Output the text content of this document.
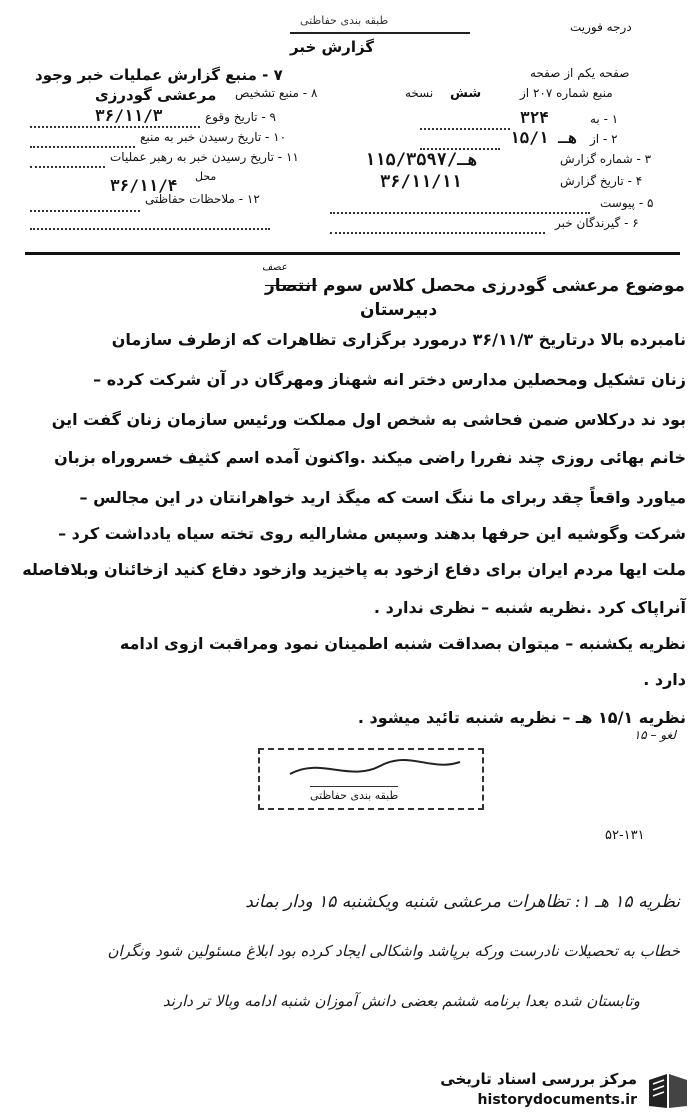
طبقه بندی حفاظتی
گزارش خبر
درجه فوریت
صفحه یکم از صفحه
۷ - منبع گزارش عملیات خبر وجود
۸ - منبع تشخیص
مرعشی گودرزی	منبع شماره ۲۰۷ از
شش
نسخه
۹ - تاریخ وقوع
۳۶/۱۱/۳
۱۰ - تاریخ رسیدن خبر به منبع
۱۱ - تاریخ رسیدن خبر به رهبر عملیات
محل
۳۶/۱۱/۴
۱۲ - ملاحظات حفاظتی
۱ - به
۳۲۴
۲ - از
۱۵/۱ هـ
۳ - شماره گزارش
۱هـ/۱۵/۳۵۹۷
۴ - تاریخ گزارش
۳۶/۱۱/۱۱
۵ - پیوست
۶ - گیرندگان خبر
عصف
موضوع مرعشی گودرزی محصل کلاس سوم انتصار
دبیرستان
نامبرده بالا درتاریخ ۳۶/۱۱/۳ درمورد برگزاری تظاهرات که ازطرف سازمان
زنان تشکیل ومحصلین مدارس دختر انه شهناز ومهرگان در آن شرکت کرده –
بود ند درکلاس ضمن فحاشی به شخص اول مملکت ورئیس سازمان زنان گفت این
خانم بهائی روزی چند نفررا راضی میکند .واکنون آمده اسم کثیف خسروراه بزبان
میاورد واقعاً چقد ربرای ما ننگ است که میگذ ارید خواهرانتان در این مجالس –
شرکت وگوشیه این حرفها بدهند وسپس مشارالیه روی تخته سیاه یادداشت کرد –
ملت ایها مردم ایران برای دفاع ازخود به پاخیزید وازخود دفاع کنید ازخائنان وبلافاصله
آنراپاک کرد .نظریه شنبه – نظری ندارد .
نظریه یکشنبه – میتوان بصداقت شنبه اطمینان نمود ومراقبت ازوی ادامه
دارد .
نظریه ۱۵/۱ هـ – نظریه شنبه تائید میشود .
لغو – ۱۵
طبقه بندی حفاظتی
۵۲-۱۳۱
نظریه ۱۵ هـ ۱: تظاهرات مرعشی شنبه ویکشنبه ۱۵ ودار بماند
خطاب به تحصیلات نادرست ورکه برپاشد واشکالی ایجاد کرده بود ابلاغ مسئولین شود ونگران
وتابستان شده بعدا برنامه ششم بعضی دانش آموزان شنبه ادامه وبالا تر دارند
مرکز بررسی اسناد تاریخی
historydocuments.ir
